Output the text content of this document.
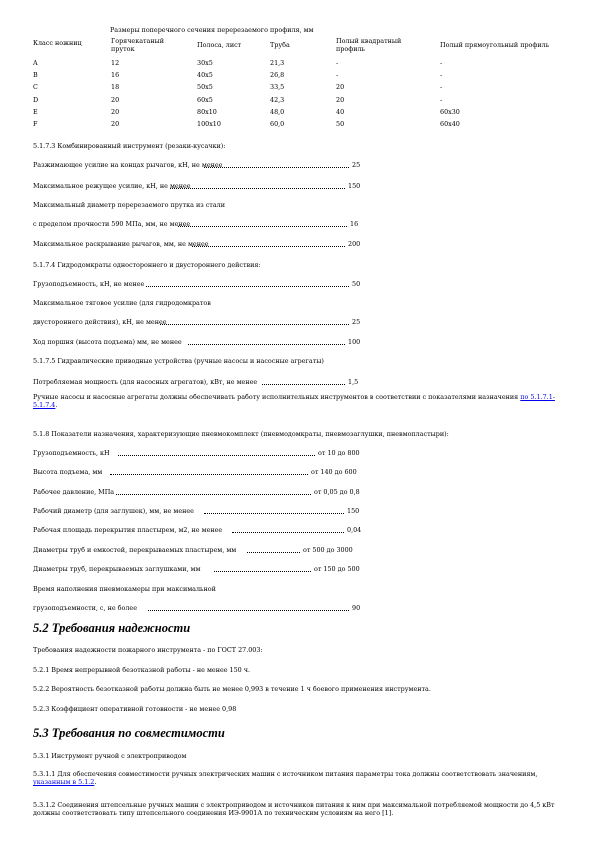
Размеры поперечного сечения перерезаемого профиля, мм
Класс ножниц	Горячекатаный пруток	Полоса, лист	Труба	Полый квадратный профиль	Полый прямоугольный профиль
A	12	30x5	21,3	-	-
B	16	40x5	26,8	-	-
C	18	50x5	33,5	20	-
D	20	60x5	42,3	20	-
E	20	80x10	48,0	40	60x30
F	20	100x10	60,0	50	60x40
5.1.7.3 Комбинированный инструмент (резаки-кусачки):
Разжимающее усилие на концах рычагов, кН, не менее	25
Максимальное режущее усилие, кН, не менее	150
Максимальный диаметр перерезаемого прутка из стали
с пределом прочности 590 МПа, мм, не менее	16
Максимальное раскрывание рычагов, мм, не менее	200
5.1.7.4 Гидродомкраты одностороннего и двустороннего действия:
Грузоподъемность, кН, не менее	50
Максимальное тяговое усилие (для гидродомкратов
двустороннего действия), кН, не менее	25
Ход поршня (высота подъема) мм, не менее	100
5.1.7.5 Гидравлические приводные устройства (ручные насосы и насосные агрегаты)
Потребляемая мощность (для насосных агрегатов), кВт, не менее	1,5
Ручные насосы и насосные агрегаты должны обеспечивать работу исполнительных инструментов в соответствии с показателями назначения по 5.1.7.1-5.1.7.4.
5.1.8 Показатели назначения, характеризующие пневмокомплект (пневмодомкраты, пневмозаглушки, пневмопластыри):
Грузоподъемность, кН	от 10 до 800
Высота подъема, мм	от 140 до 600
Рабочее давление, МПа	от 0,05 до 0,8
Рабочий диаметр (для заглушек), мм, не менее	150
Рабочая площадь перекрытия пластырем, м2, не менее	0,04
Диаметры труб и емкостей, перекрываемых пластырем, мм	от 500 до 3000
Диаметры труб, перекрываемых заглушками, мм	от 150 до 500
Время наполнения пневмокамеры при максимальной
грузоподъемности, с, не более	90
5.2 Требования надежности
Требования надежности пожарного инструмента - по ГОСТ 27.003:
5.2.1 Время непрерывной безотказной работы - не менее 150 ч.
5.2.2 Вероятность безотказной работы должна быть не менее 0,993 в течение 1 ч боевого применения инструмента.
5.2.3 Коэффициент оперативной готовности - не менее 0,98
5.3 Требования по совместимости
5.3.1 Инструмент ручной с электроприводом
5.3.1.1 Для обеспечения совместимости ручных электрических машин с источником питания параметры тока должны соответствовать значениям, указанным в 5.1.2.
5.3.1.2 Соединения штепсельные ручных машин с электроприводом и источников питания к ним при максимальной потребляемой мощности до 4,5 кВт должны соответствовать типу штепсельного соединения ИЭ-9901А по техническим условиям на него [1].
